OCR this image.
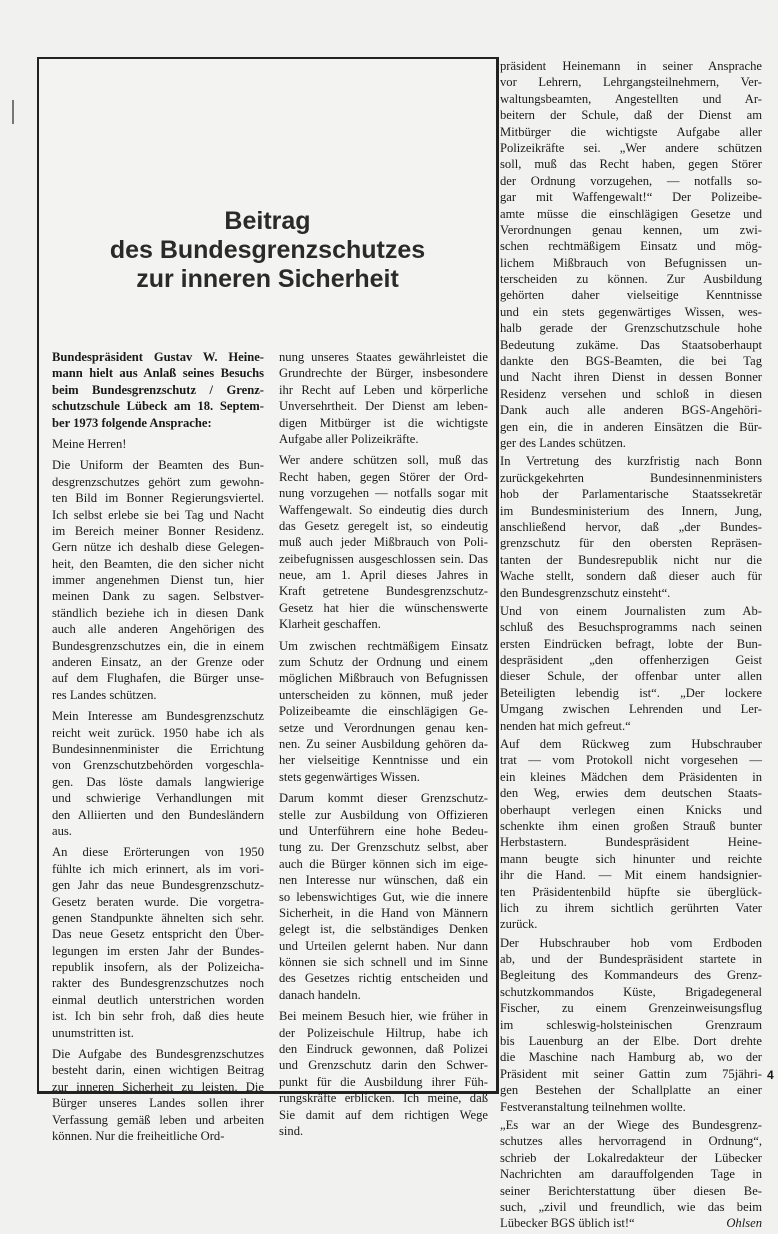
Beitrag
des Bundesgrenzschutzes
zur inneren Sicherheit
Bundespräsident Gustav W. Heine-
mann hielt aus Anlaß seines Besuchs
beim Bundesgrenzschutz / Grenz-
schutzschule Lübeck am 18. Septem-
ber 1973 folgende Ansprache:
Meine Herren!
Die Uniform der Beamten des Bun-
desgrenzschutzes gehört zum gewohn-
ten Bild im Bonner Regierungsviertel.
Ich selbst erlebe sie bei Tag und Nacht
im Bereich meiner Bonner Residenz.
Gern nütze ich deshalb diese Gelegen-
heit, den Beamten, die den sicher nicht
immer angenehmen Dienst tun, hier
meinen Dank zu sagen. Selbstver-
ständlich beziehe ich in diesen Dank
auch alle anderen Angehörigen des
Bundesgrenzschutzes ein, die in einem
anderen Einsatz, an der Grenze oder
auf dem Flughafen, die Bürger unse-
res Landes schützen.
Mein Interesse am Bundesgrenzschutz
reicht weit zurück. 1950 habe ich als
Bundesinnenminister die Errichtung
von Grenzschutzbehörden vorgeschla-
gen. Das löste damals langwierige
und schwierige Verhandlungen mit
den Alliierten und den Bundesländern
aus.
An diese Erörterungen von 1950
fühlte ich mich erinnert, als im vori-
gen Jahr das neue Bundesgrenzschutz-
Gesetz beraten wurde. Die vorgetra-
genen Standpunkte ähnelten sich sehr.
Das neue Gesetz entspricht den Über-
legungen im ersten Jahr der Bundes-
republik insofern, als der Polizeicha-
rakter des Bundesgrenzschutzes noch
einmal deutlich unterstrichen worden
ist. Ich bin sehr froh, daß dies heute
unumstritten ist.
Die Aufgabe des Bundesgrenzschutzes
besteht darin, einen wichtigen Beitrag
zur inneren Sicherheit zu leisten. Die
Bürger unseres Landes sollen ihrer
Verfassung gemäß leben und arbeiten
können. Nur die freiheitliche Ord-
nung unseres Staates gewährleistet die
Grundrechte der Bürger, insbesondere
ihr Recht auf Leben und körperliche
Unversehrtheit. Der Dienst am leben-
digen Mitbürger ist die wichtigste
Aufgabe aller Polizeikräfte.
Wer andere schützen soll, muß das
Recht haben, gegen Störer der Ord-
nung vorzugehen — notfalls sogar mit
Waffengewalt. So eindeutig dies durch
das Gesetz geregelt ist, so eindeutig
muß auch jeder Mißbrauch von Poli-
zeibefugnissen ausgeschlossen sein. Das
neue, am 1. April dieses Jahres in
Kraft getretene Bundesgrenzschutz-
Gesetz hat hier die wünschenswerte
Klarheit geschaffen.
Um zwischen rechtmäßigem Einsatz
zum Schutz der Ordnung und einem
möglichen Mißbrauch von Befugnissen
unterscheiden zu können, muß jeder
Polizeibeamte die einschlägigen Ge-
setze und Verordnungen genau ken-
nen. Zu seiner Ausbildung gehören da-
her vielseitige Kenntnisse und ein
stets gegenwärtiges Wissen.
Darum kommt dieser Grenzschutz-
stelle zur Ausbildung von Offizieren
und Unterführern eine hohe Bedeu-
tung zu. Der Grenzschutz selbst, aber
auch die Bürger können sich im eige-
nen Interesse nur wünschen, daß ein
so lebenswichtiges Gut, wie die innere
Sicherheit, in die Hand von Männern
gelegt ist, die selbständiges Denken
und Urteilen gelernt haben. Nur dann
können sie sich schnell und im Sinne
des Gesetzes richtig entscheiden und
danach handeln.
Bei meinem Besuch hier, wie früher in
der Polizeischule Hiltrup, habe ich
den Eindruck gewonnen, daß Polizei
und Grenzschutz darin den Schwer-
punkt für die Ausbildung ihrer Füh-
rungskräfte erblicken. Ich meine, daß
Sie damit auf dem richtigen Wege
sind.
präsident Heinemann in seiner Ansprache
vor Lehrern, Lehrgangsteilnehmern, Ver-
waltungsbeamten, Angestellten und Ar-
beitern der Schule, daß der Dienst am
Mitbürger die wichtigste Aufgabe aller
Polizeikräfte sei. „Wer andere schützen
soll, muß das Recht haben, gegen Störer
der Ordnung vorzugehen, — notfalls so-
gar mit Waffengewalt!“ Der Polizeibe-
amte müsse die einschlägigen Gesetze und
Verordnungen genau kennen, um zwi-
schen rechtmäßigem Einsatz und mög-
lichem Mißbrauch von Befugnissen un-
terscheiden zu können. Zur Ausbildung
gehörten daher vielseitige Kenntnisse
und ein stets gegenwärtiges Wissen, wes-
halb gerade der Grenzschutzschule hohe
Bedeutung zukäme. Das Staatsoberhaupt
dankte den BGS-Beamten, die bei Tag
und Nacht ihren Dienst in dessen Bonner
Residenz versehen und schloß in diesen
Dank auch alle anderen BGS-Angehöri-
gen ein, die in anderen Einsätzen die Bür-
ger des Landes schützen.
In Vertretung des kurzfristig nach Bonn
zurückgekehrten Bundesinnenministers
hob der Parlamentarische Staatssekretär
im Bundesministerium des Innern, Jung,
anschließend hervor, daß „der Bundes-
grenzschutz für den obersten Repräsen-
tanten der Bundesrepublik nicht nur die
Wache stellt, sondern daß dieser auch für
den Bundesgrenzschutz einsteht“.
Und von einem Journalisten zum Ab-
schluß des Besuchsprogramms nach seinen
ersten Eindrücken befragt, lobte der Bun-
despräsident „den offenherzigen Geist
dieser Schule, der offenbar unter allen
Beteiligten lebendig ist“. „Der lockere
Umgang zwischen Lehrenden und Ler-
nenden hat mich gefreut.“
Auf dem Rückweg zum Hubschrauber
trat — vom Protokoll nicht vorgesehen —
ein kleines Mädchen dem Präsidenten in
den Weg, erwies dem deutschen Staats-
oberhaupt verlegen einen Knicks und
schenkte ihm einen großen Strauß bunter
Herbstastern. Bundespräsident Heine-
mann beugte sich hinunter und reichte
ihr die Hand. — Mit einem handsignier-
ten Präsidentenbild hüpfte sie überglück-
lich zu ihrem sichtlich gerührten Vater
zurück.
Der Hubschrauber hob vom Erdboden
ab, und der Bundespräsident startete in
Begleitung des Kommandeurs des Grenz-
schutzkommandos Küste, Brigadegeneral
Fischer, zu einem Grenzeinweisungsflug
im schleswig-holsteinischen Grenzraum
bis Lauenburg an der Elbe. Dort drehte
die Maschine nach Hamburg ab, wo der
Präsident mit seiner Gattin zum 75jähri-
gen Bestehen der Schallplatte an einer
Festveranstaltung teilnehmen wollte.
„Es war an der Wiege des Bundesgrenz-
schutzes alles hervorragend in Ordnung“,
schrieb der Lokalredakteur der Lübecker
Nachrichten am darauffolgenden Tage in
seiner Berichterstattung über diesen Be-
such, „zivil und freundlich, wie das beim
Lübecker BGS üblich ist!“	Ohlsen
4
